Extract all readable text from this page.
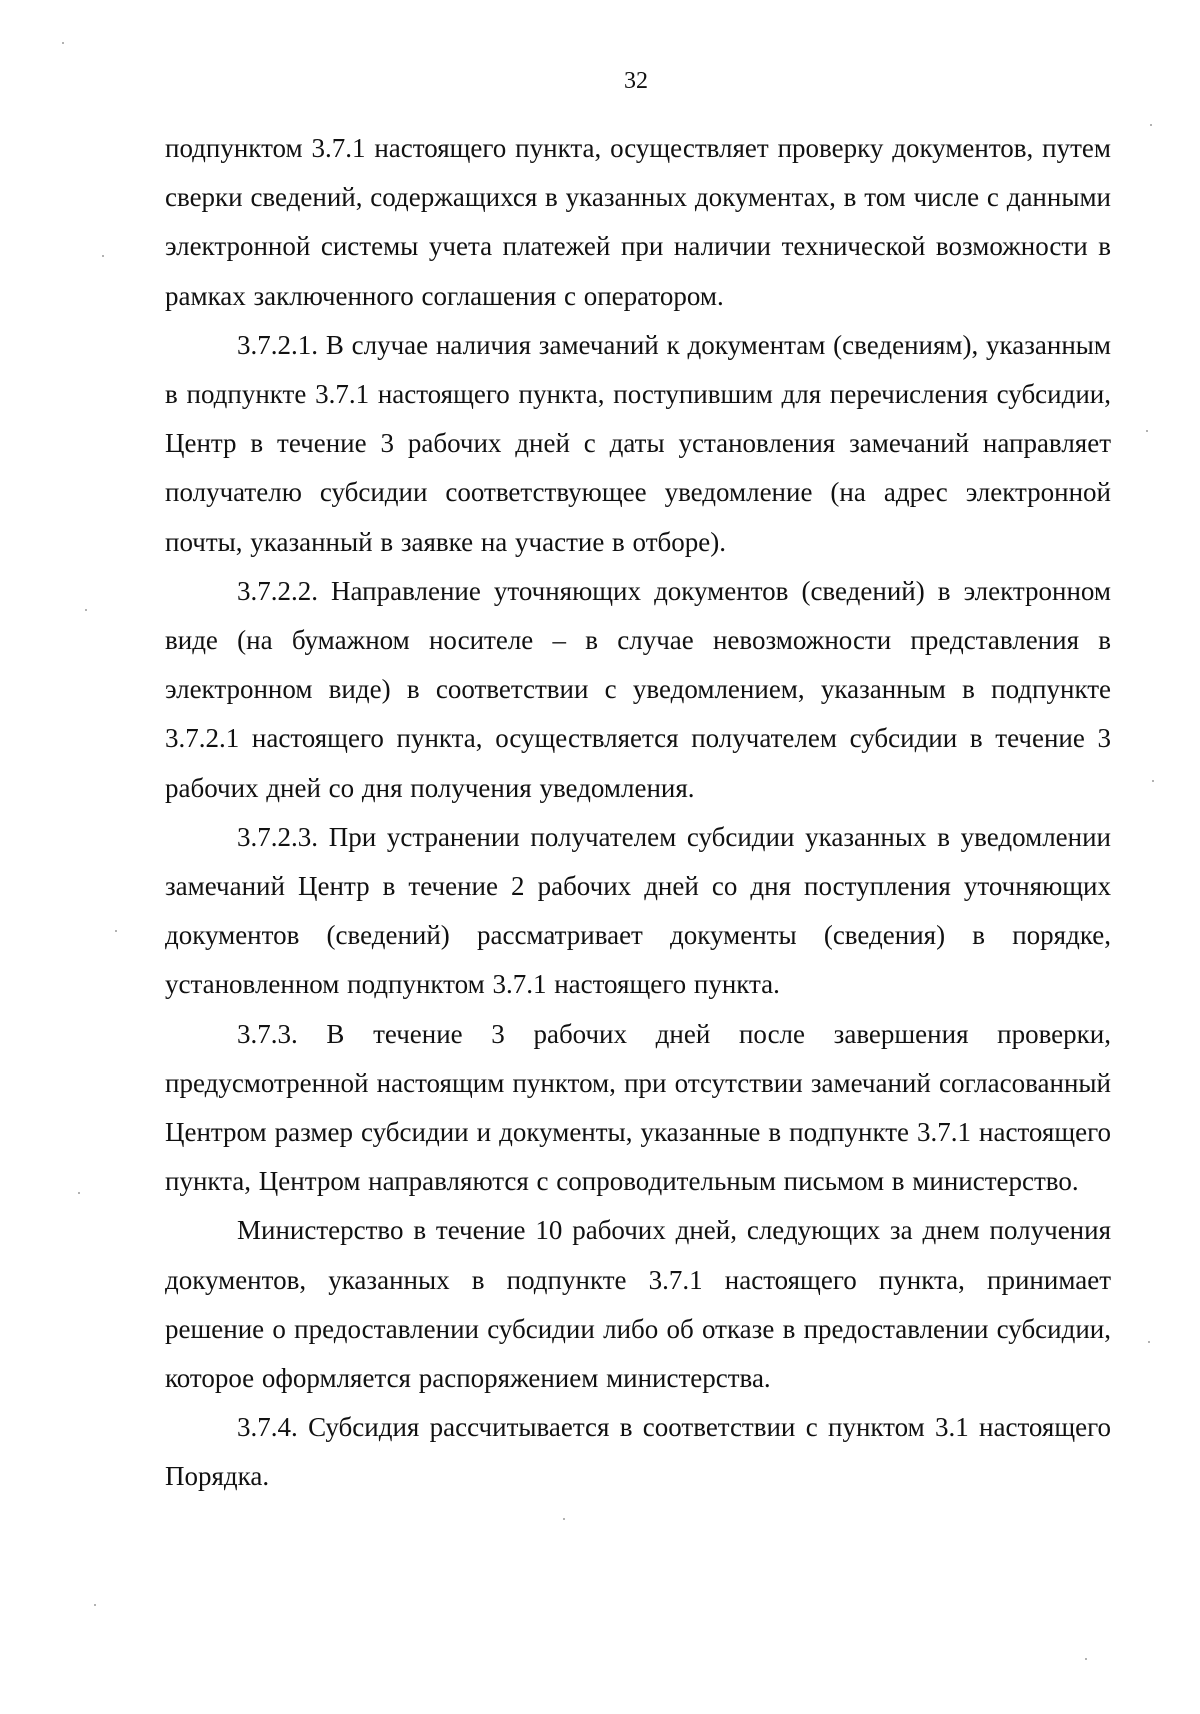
32

подпунктом 3.7.1 настоящего пункта, осуществляет проверку документов, путем сверки сведений, содержащихся в указанных документах, в том числе с данными электронной системы учета платежей при наличии технической возможности в рамках заключенного соглашения с оператором.

3.7.2.1. В случае наличия замечаний к документам (сведениям), указанным в подпункте 3.7.1 настоящего пункта, поступившим для перечисления субсидии, Центр в течение 3 рабочих дней с даты установления замечаний направляет получателю субсидии соответствующее уведомление (на адрес электронной почты, указанный в заявке на участие в отборе).

3.7.2.2. Направление уточняющих документов (сведений) в электронном виде (на бумажном носителе – в случае невозможности представления в электронном виде) в соответствии с уведомлением, указанным в подпункте 3.7.2.1 настоящего пункта, осуществляется получателем субсидии в течение 3 рабочих дней со дня получения уведомления.

3.7.2.3. При устранении получателем субсидии указанных в уведомлении замечаний Центр в течение 2 рабочих дней со дня поступления уточняющих документов (сведений) рассматривает документы (сведения) в порядке, установленном подпунктом 3.7.1 настоящего пункта.

3.7.3. В течение 3 рабочих дней после завершения проверки, предусмотренной настоящим пунктом, при отсутствии замечаний согласованный Центром размер субсидии и документы, указанные в подпункте 3.7.1 настоящего пункта, Центром направляются с сопроводительным письмом в министерство.

Министерство в течение 10 рабочих дней, следующих за днем получения документов, указанных в подпункте 3.7.1 настоящего пункта, принимает решение о предоставлении субсидии либо об отказе в предоставлении субсидии, которое оформляется распоряжением министерства.

3.7.4. Субсидия рассчитывается в соответствии с пунктом 3.1 настоящего Порядка.
